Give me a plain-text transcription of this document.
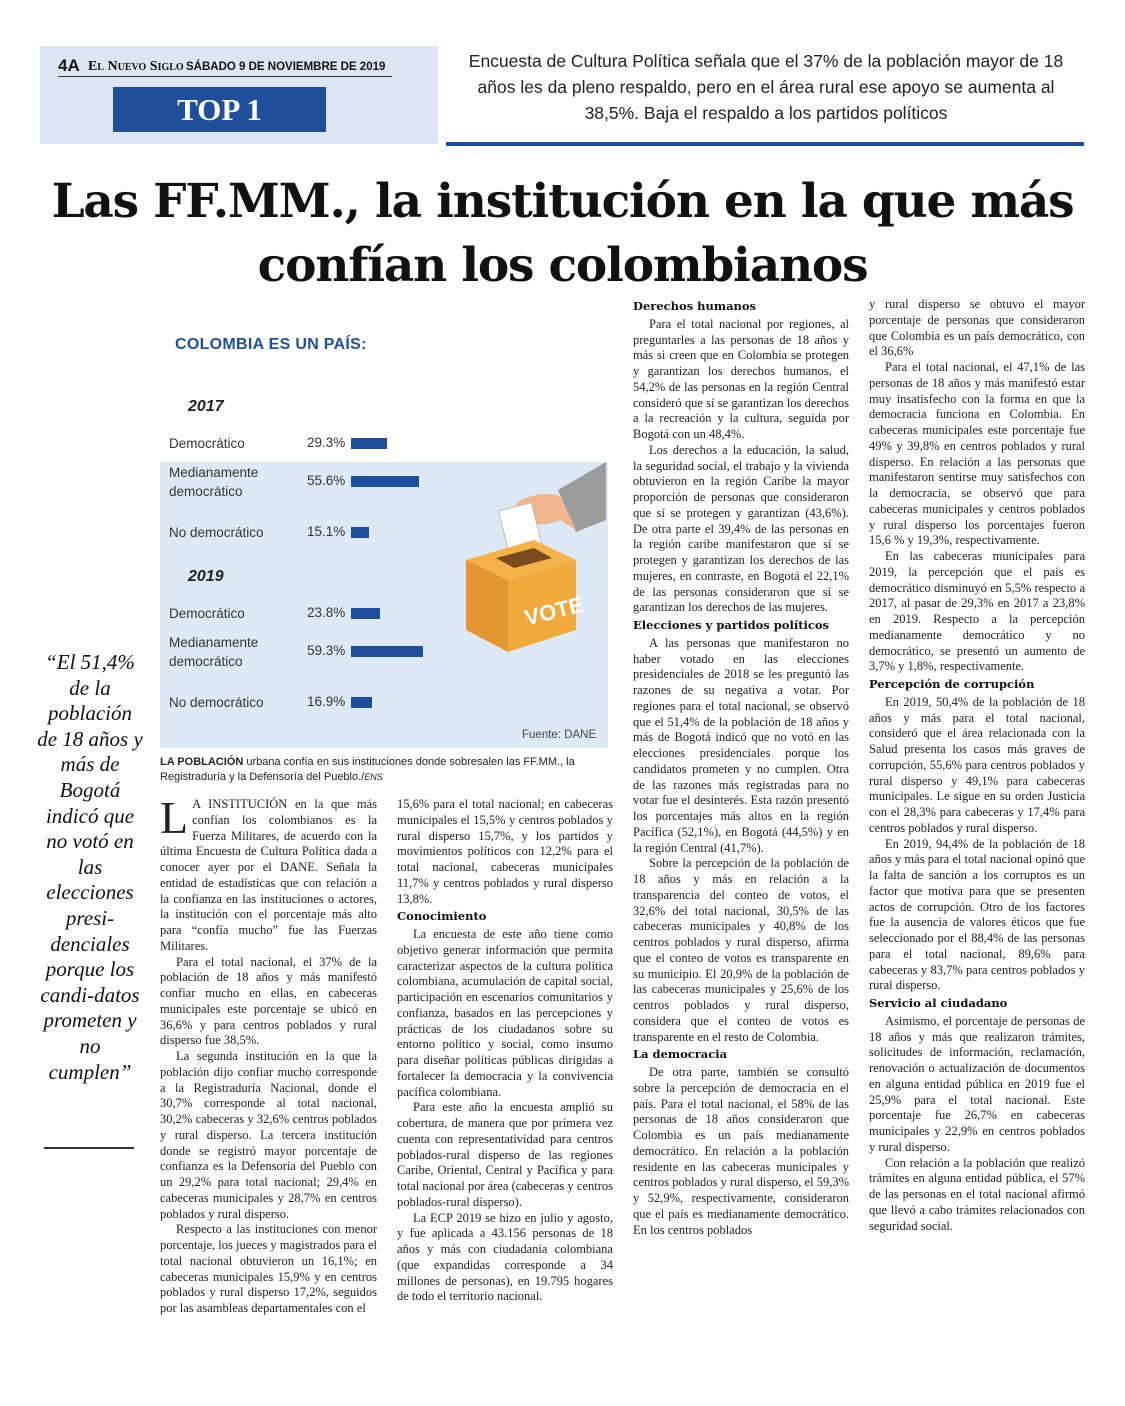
4A El Nuevo Siglo SÁBADO 9 DE NOVIEMBRE DE 2019
TOP 1
Encuesta de Cultura Política señala que el 37% de la población mayor de 18 años les da pleno respaldo, pero en el área rural ese apoyo se aumenta al 38,5%. Baja el respaldo a los partidos políticos
Las FF.MM., la institución en la que más confían los colombianos
COLOMBIA ES UN PAÍS:
VOTE
2017
Democrático	29.3%
Medianamente democrático
55.6%
No democrático	15.1%
2019
Democrático	23.8%
Medianamente democrático
59.3%
No democrático	16.9%
Fuente: DANE
LA POBLACIÓN urbana confía en sus instituciones donde sobresalen las FF.MM., la Registraduría y la Defensoría del Pueblo./ENS
“El 51,4% de la población de 18 años y más de Bogotá indicó que no votó en las elecciones presi-denciales porque los candi-datos prometen y no cumplen”

L A INSTITUCIÓN en la que más confían los colombianos es la Fuerza Militares, de acuerdo con la última Encuesta de Cultura Política dada a conocer ayer por el DANE. Señala la entidad de estadísticas que con relación a la confianza en las instituciones o actores, la institución con el porcentaje más alto para “confía mucho” fue las Fuerzas Militares.

Para el total nacional, el 37% de la población de 18 años y más manifestó confiar mucho en ellas, en cabeceras municipales este porcentaje se ubicó en 36,6% y para centros poblados y rural disperso fue 38,5%.

La segunda institución en la que la población dijo confiar mucho corresponde a la Registraduría Nacional, donde el 30,7% corresponde al total nacional, 30,2% cabeceras y 32,6% centros poblados y rural disperso. La tercera institución donde se registró mayor porcentaje de confianza es la Defensoría del Pueblo con un 29,2% para total nacional; 29,4% en cabeceras municipales y 28,7% en centros poblados y rural disperso.

Respecto a las instituciones con menor porcentaje, los jueces y magistrados para el total nacional obtuvieron un 16,1%; en cabeceras municipales 15,9% y en centros poblados y rural disperso 17,2%, seguidos por las asambleas departamentales con el

15,6% para el total nacional; en cabeceras municipales el 15,5% y centros poblados y rural disperso 15,7%, y los partidos y movimientos políticos con 12,2% para el total nacional, cabeceras municipales 11,7% y centros poblados y rural disperso 13,8%.

Conocimiento

La encuesta de este año tiene como objetivo generar información que permita caracterizar aspectos de la cultura política colombiana, acumulación de capital social, participación en escenarios comunitarios y confianza, basados en las percepciones y prácticas de los ciudadanos sobre su entorno político y social, como insumo para diseñar políticas públicas dirigidas a fortalecer la democracia y la convivencia pacífica colombiana.

Para este año la encuesta amplió su cobertura, de manera que por primera vez cuenta con representatividad para centros poblados-rural disperso de las regiones Caribe, Oriental, Central y Pacífica y para total nacional por área (cabeceras y centros poblados-rural disperso).

La ECP 2019 se hizo en julio y agosto, y fue aplicada a 43.156 personas de 18 años y más con ciudadanía colombiana (que expandidas corresponde a 34 millones de personas), en 19.795 hogares de todo el territorio nacional.

Derechos humanos

Para el total nacional por regiones, al preguntarles a las personas de 18 años y más si creen que en Colombia se protegen y garantizan los derechos humanos, el 54,2% de las personas en la región Central consideró que sí se garantizan los derechos a la recreación y la cultura, seguida por Bogotá con un 48,4%.

Los derechos a la educación, la salud, la seguridad social, el trabajo y la vivienda obtuvieron en la región Caribe la mayor proporción de personas que consideraron que sí se protegen y garantizan (43,6%). De otra parte el 39,4% de las personas en la región caribe manifestaron que sí se protegen y garantizan los derechos de las mujeres, en contraste, en Bogotá el 22,1% de las personas consideraron que sí se garantizan los derechos de las mujeres.

Elecciones y partidos políticos

A las personas que manifestaron no haber votado en las elecciones presidenciales de 2018 se les preguntó las razones de su negativa a votar. Por regiones para el total nacional, se observó que el 51,4% de la población de 18 años y más de Bogotá indicó que no votó en las elecciones presidenciales porque los candidatos prometen y no cumplen. Otra de las razones más registradas para no votar fue el desinterés. Esta razón presentó los porcentajes más altos en la región Pacífica (52,1%), en Bogotá (44,5%) y en la región Central (41,7%).

Sobre la percepción de la población de 18 años y más en relación a la transparencia del conteo de votos, el 32,6% del total nacional, 30,5% de las cabeceras municipales y 40,8% de los centros poblados y rural disperso, afirma que el conteo de votos es transparente en su municipio. El 20,9% de la población de las cabeceras municipales y 25,6% de los centros poblados y rural disperso, considera que el conteo de votos es transparente en el resto de Colombia.

La democracia

De otra parte, también se consultó sobre la percepción de democracia en el país. Para el total nacional, el 58% de las personas de 18 años consideraron que Colombia es un país medianamente democrático. En relación a la población residente en las cabeceras municipales y centros poblados y rural disperso, el 59,3% y 52,9%, respectivamente, consideraron que el país es medianamente democrático. En los centros poblados

y rural disperso se obtuvo el mayor porcentaje de personas que consideraron que Colombia es un país democrático, con el 36,6%

Para el total nacional, el 47,1% de las personas de 18 años y más manifestó estar muy insatisfecho con la forma en que la democracia funciona en Colombia. En cabeceras municipales este porcentaje fue 49% y 39,8% en centros poblados y rural disperso. En relación a las personas que manifestaron sentirse muy satisfechos con la democracia, se observó que para cabeceras municipales y centros poblados y rural disperso los porcentajes fueron 15,6 % y 19,3%, respectivamente.

En las cabeceras municipales para 2019, la percepción que el país es democrático disminuyó en 5,5% respecto a 2017, al pasar de 29,3% en 2017 a 23,8% en 2019. Respecto a la percepción medianamente democrático y no democrático, se presentó un aumento de 3,7% y 1,8%, respectivamente.

Percepción de corrupción

En 2019, 50,4% de la población de 18 años y más para el total nacional, consideró que el área relacionada con la Salud presenta los casos más graves de corrupción, 55,6% para centros poblados y rural disperso y 49,1% para cabeceras municipales. Le sigue en su orden Justicia con el 28,3% para cabeceras y 17,4% para centros poblados y rural disperso.

En 2019, 94,4% de la población de 18 años y más para el total nacional opinó que la falta de sanción a los corruptos es un factor que motiva para que se presenten actos de corrupción. Otro de los factores fue la ausencia de valores éticos que fue seleccionado por el 88,4% de las personas para el total nacional, 89,6% para cabeceras y 83,7% para centros poblados y rural disperso.

Servicio al ciudadano

Asimismo, el porcentaje de personas de 18 años y más que realizaron trámites, solicitudes de información, reclamación, renovación o actualización de documentos en alguna entidad pública en 2019 fue el 25,9% para el total nacional. Este porcentaje fue 26,7% en cabeceras municipales y 22,9% en centros poblados y rural disperso.

Con relación a la población que realizó trámites en alguna entidad pública, el 57% de las personas en el total nacional afirmó que llevó a cabo trámites relacionados con seguridad social.
